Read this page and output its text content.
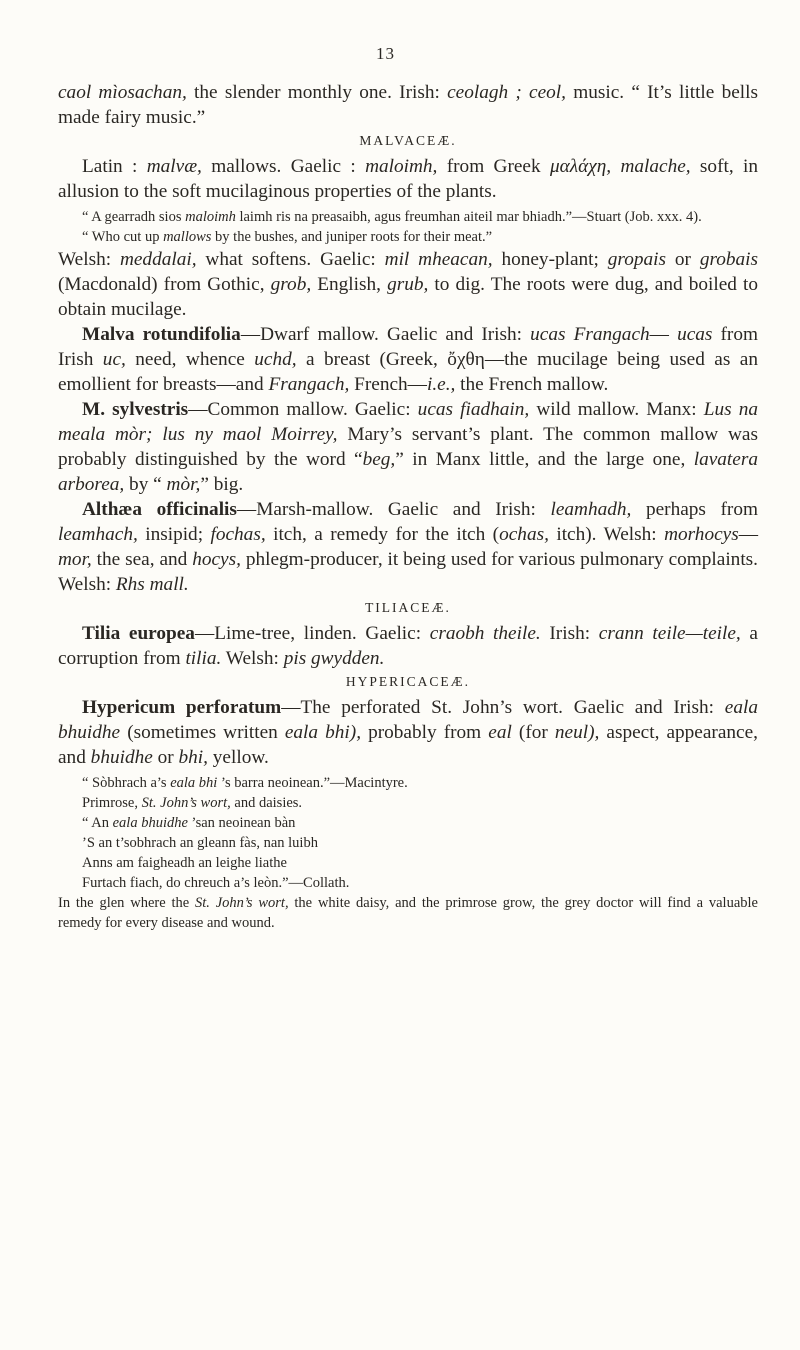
13

caol mìosachan, the slender monthly one. Irish: ceolagh ; ceol, music. “ It’s little bells made fairy music.”

MALVACEÆ.

Latin : malvæ, mallows. Gaelic : maloimh, from Greek μαλάχη, malache, soft, in allusion to the soft mucilaginous properties of the plants.

“ A gearradh sios maloimh laimh ris na preasaibh, agus freumhan aiteil mar bhiadh.”—Stuart (Job. xxx. 4).

“ Who cut up mallows by the bushes, and juniper roots for their meat.”

Welsh: meddalai, what softens. Gaelic: mil mheacan, honey-plant; gropais or grobais (Macdonald) from Gothic, grob, English, grub, to dig. The roots were dug, and boiled to obtain mucilage.

Malva rotundifolia—Dwarf mallow. Gaelic and Irish: ucas Frangach— ucas from Irish uc, need, whence uchd, a breast (Greek, ὄχθη—the mucilage being used as an emollient for breasts—and Frangach, French—i.e., the French mallow.

M. sylvestris—Common mallow. Gaelic: ucas fiadhain, wild mallow. Manx: Lus na meala mòr; lus ny maol Moirrey, Mary’s servant’s plant. The common mallow was probably distinguished by the word “beg,” in Manx little, and the large one, lavatera arborea, by “ mòr,” big.

Althæa officinalis—Marsh-mallow. Gaelic and Irish: leamhadh, perhaps from leamhach, insipid; fochas, itch, a remedy for the itch (ochas, itch). Welsh: morhocys—mor, the sea, and hocys, phlegm-producer, it being used for various pulmonary complaints. Welsh: Rhs mall.

TILIACEÆ.

Tilia europea—Lime-tree, linden. Gaelic: craobh theile. Irish: crann teile—teile, a corruption from tilia. Welsh: pis gwydden.

HYPERICACEÆ.

Hypericum perforatum—The perforated St. John’s wort. Gaelic and Irish: eala bhuidhe (sometimes written eala bhi), probably from eal (for neul), aspect, appearance, and bhuidhe or bhi, yellow.

“ Sòbhrach a’s eala bhi ’s barra neoinean.”—Macintyre.

Primrose, St. John’s wort, and daisies.

“ An eala bhuidhe ’san neoinean bàn
’S an t’sobhrach an gleann fàs, nan luibh
Anns am faigheadh an leighe liathe
Furtach fiach, do chreuch a’s leòn.”—Collath.

In the glen where the St. John’s wort, the white daisy, and the primrose grow, the grey doctor will find a valuable remedy for every disease and wound.
